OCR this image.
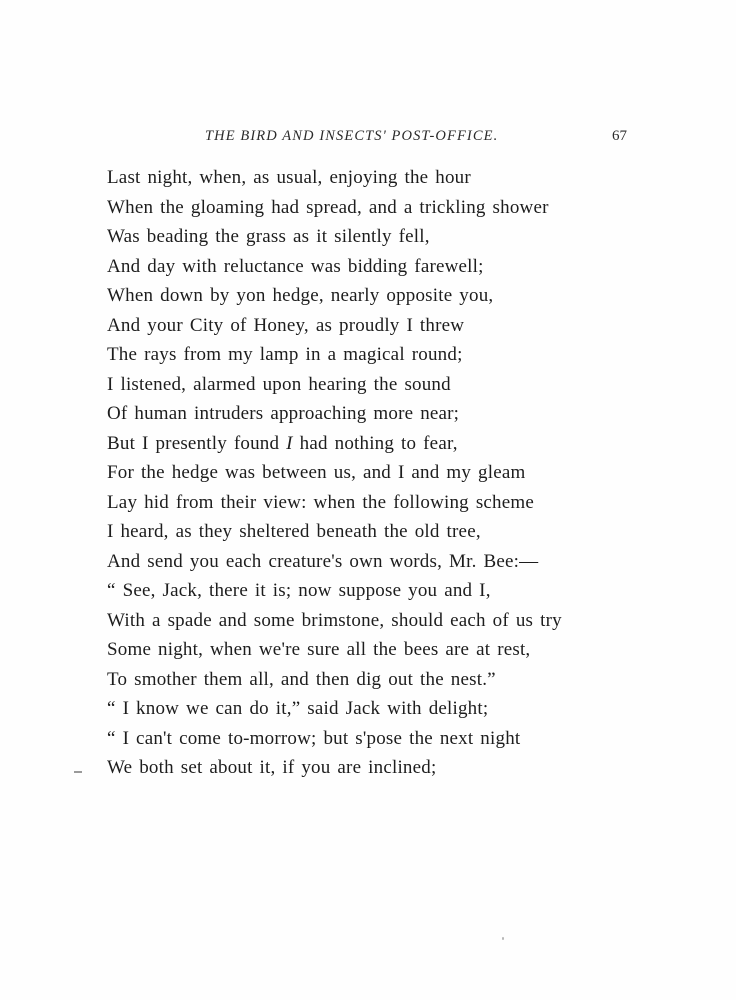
THE BIRD AND INSECTS' POST-OFFICE.	67
Last night, when, as usual, enjoying the hour
When the gloaming had spread, and a trickling shower
Was beading the grass as it silently fell,
And day with reluctance was bidding farewell;
When down by yon hedge, nearly opposite you,
And your City of Honey, as proudly I threw
The rays from my lamp in a magical round;
I listened, alarmed upon hearing the sound
Of human intruders approaching more near;
But I presently found I had nothing to fear,
For the hedge was between us, and I and my gleam
Lay hid from their view: when the following scheme
I heard, as they sheltered beneath the old tree,
And send you each creature's own words, Mr. Bee:—
“ See, Jack, there it is; now suppose you and I,
With a spade and some brimstone, should each of us try
Some night, when we're sure all the bees are at rest,
To smother them all, and then dig out the nest.”
“ I know we can do it,” said Jack with delight;
“ I can't come to-morrow; but s'pose the next night
We both set about it, if you are inclined;
